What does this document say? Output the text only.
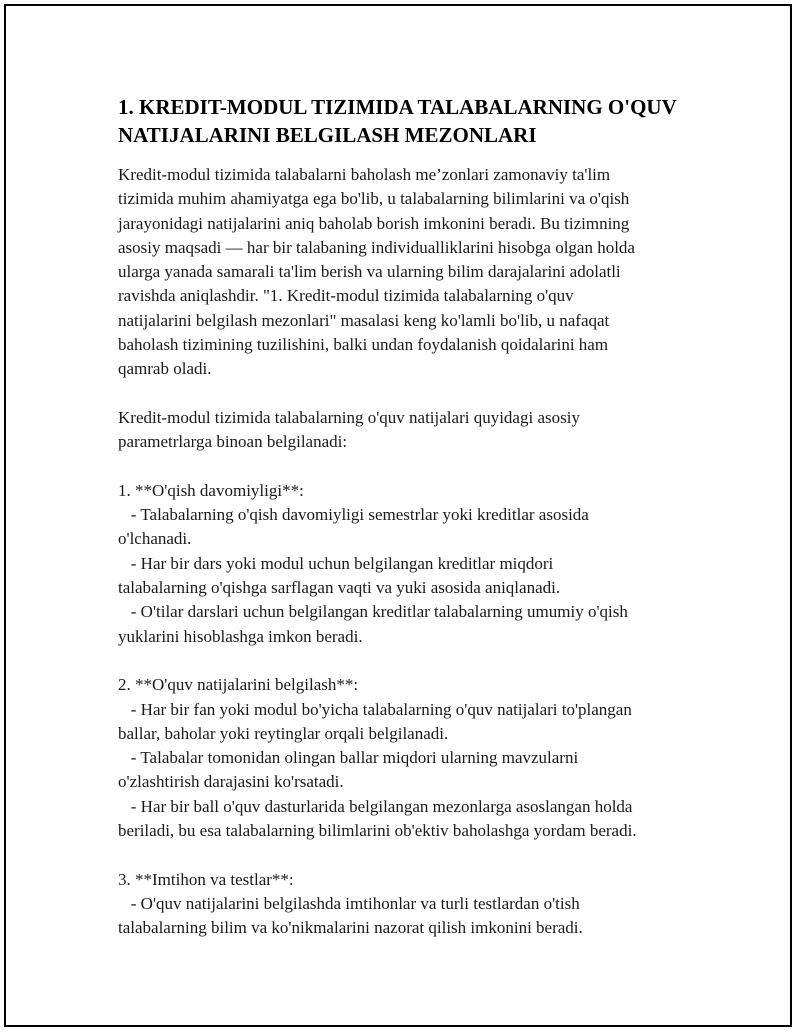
1. KREDIT-MODUL TIZIMIDA TALABALARNING O'QUV
NATIJALARINI BELGILASH MEZONLARI

Kredit-modul tizimida talabalarni baholash me’zonlari zamonaviy ta'lim
tizimida muhim ahamiyatga ega bo'lib, u talabalarning bilimlarini va o'qish
jarayonidagi natijalarini aniq baholab borish imkonini beradi. Bu tizimning
asosiy maqsadi — har bir talabaning individualliklarini hisobga olgan holda
ularga yanada samarali ta'lim berish va ularning bilim darajalarini adolatli
ravishda aniqlashdir. "1. Kredit-modul tizimida talabalarning o'quv
natijalarini belgilash mezonlari" masalasi keng ko'lamli bo'lib, u nafaqat
baholash tizimining tuzilishini, balki undan foydalanish qoidalarini ham
qamrab oladi.

Kredit-modul tizimida talabalarning o'quv natijalari quyidagi asosiy
parametrlarga binoan belgilanadi:

1. **O'qish davomiyligi**:
- Talabalarning o'qish davomiyligi semestrlar yoki kreditlar asosida
o'lchanadi.
- Har bir dars yoki modul uchun belgilangan kreditlar miqdori
talabalarning o'qishga sarflagan vaqti va yuki asosida aniqlanadi.
- O'tilar darslari uchun belgilangan kreditlar talabalarning umumiy o'qish
yuklarini hisoblashga imkon beradi.

2. **O'quv natijalarini belgilash**:
- Har bir fan yoki modul bo'yicha talabalarning o'quv natijalari to'plangan
ballar, baholar yoki reytinglar orqali belgilanadi.
- Talabalar tomonidan olingan ballar miqdori ularning mavzularni
o'zlashtirish darajasini ko'rsatadi.
- Har bir ball o'quv dasturlarida belgilangan mezonlarga asoslangan holda
beriladi, bu esa talabalarning bilimlarini ob'ektiv baholashga yordam beradi.

3. **Imtihon va testlar**:
- O'quv natijalarini belgilashda imtihonlar va turli testlardan o'tish
talabalarning bilim va ko'nikmalarini nazorat qilish imkonini beradi.
